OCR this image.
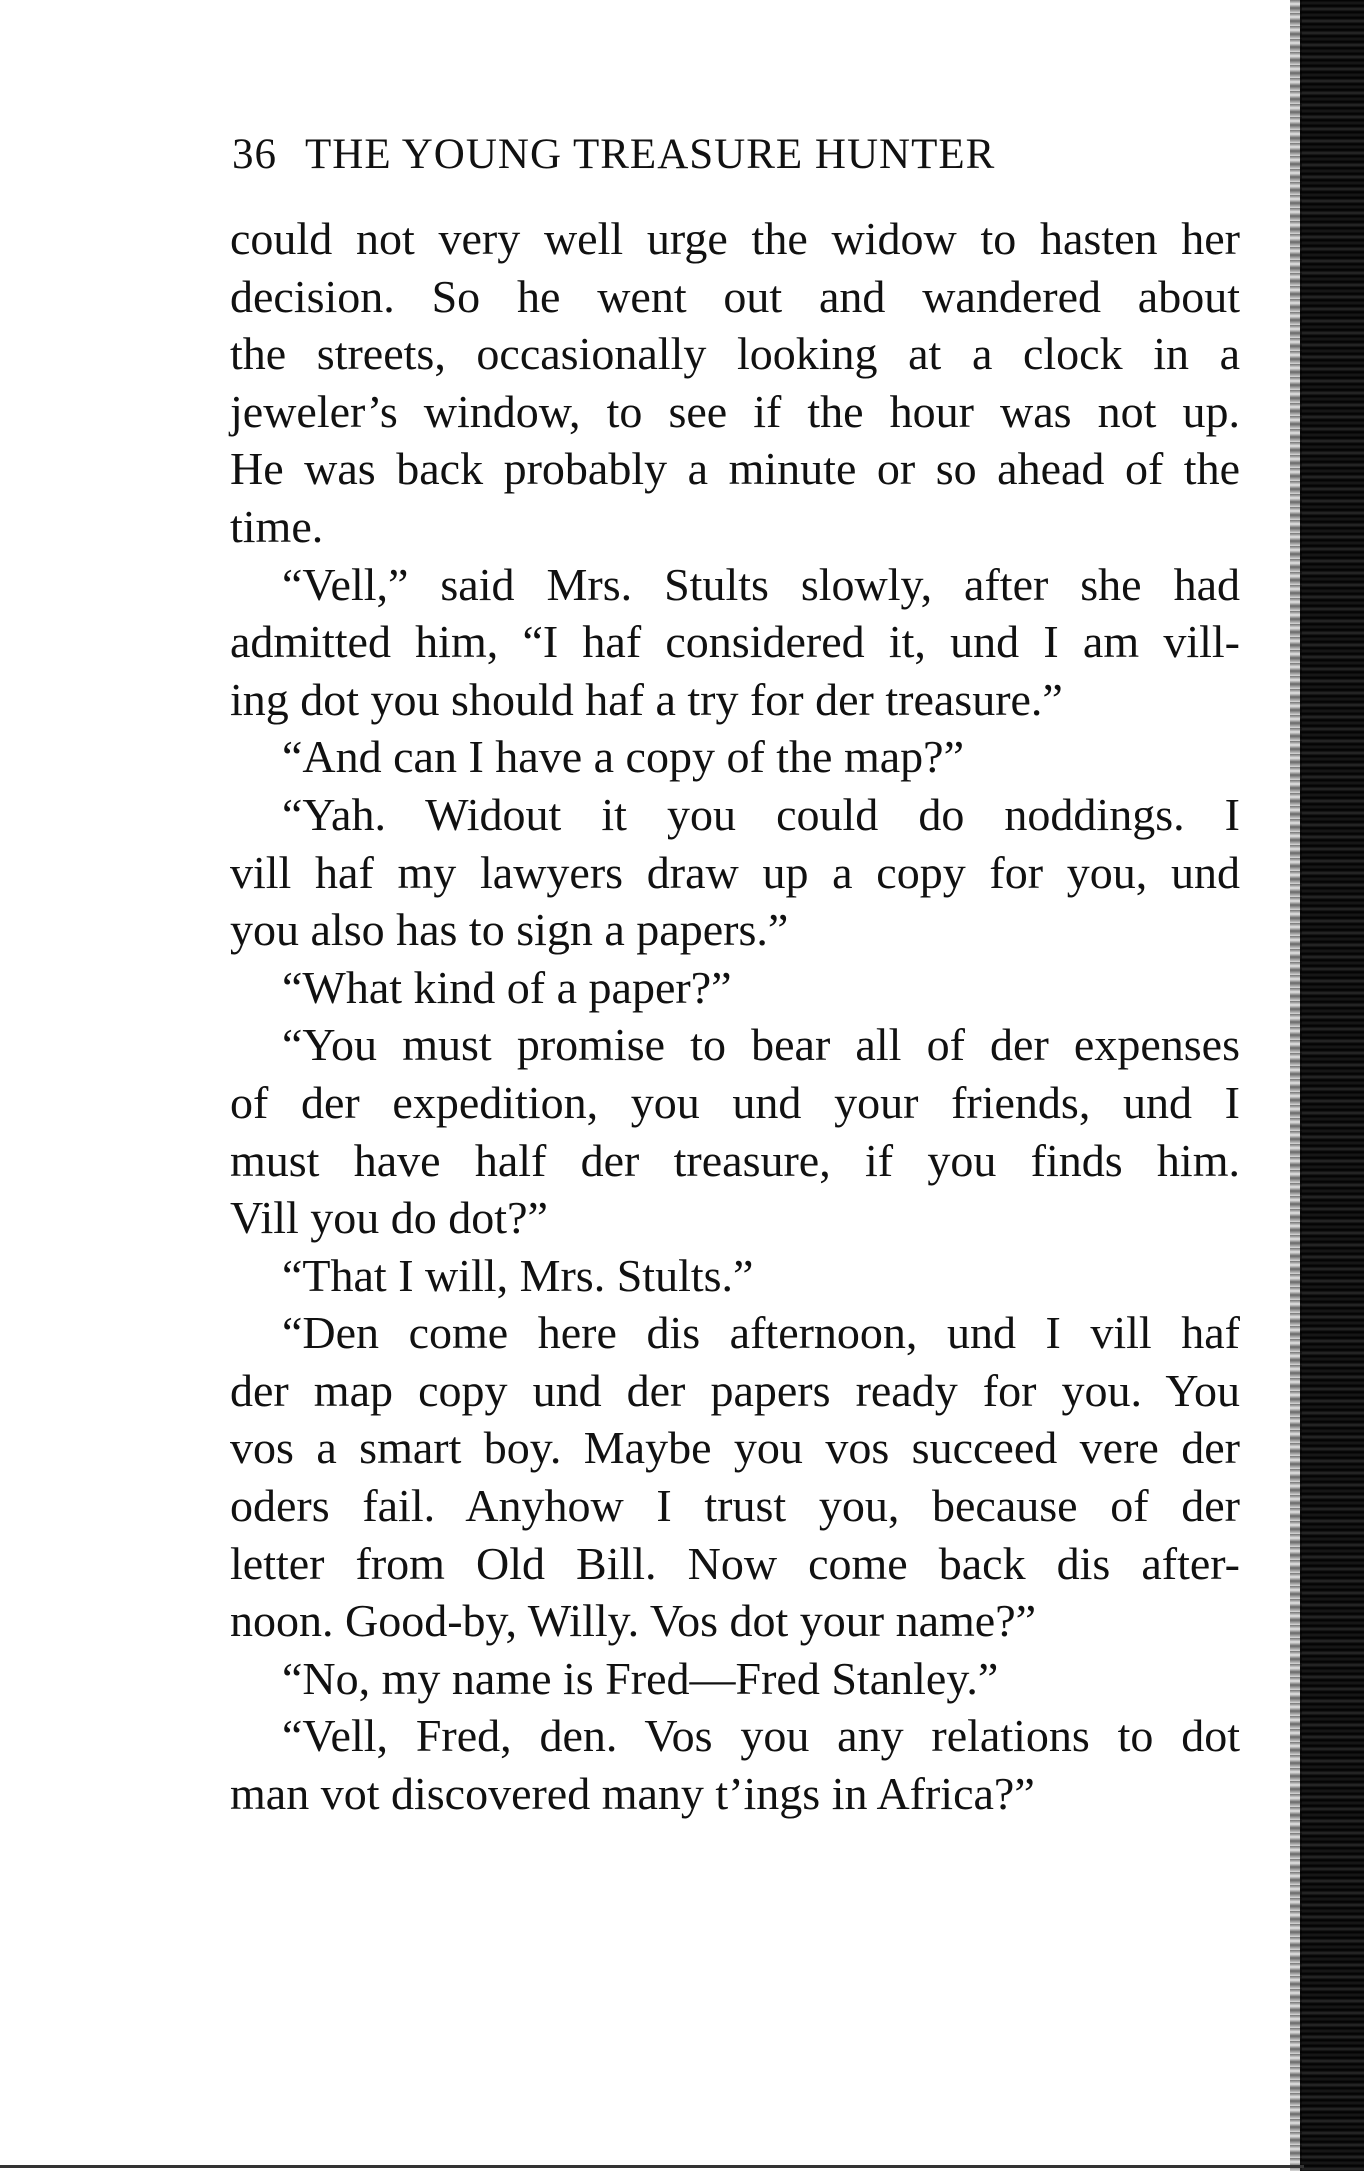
36 THE YOUNG TREASURE HUNTER
could not very well urge the widow to hasten her
decision. So he went out and wandered about
the streets, occasionally looking at a clock in a
jeweler’s window, to see if the hour was not up.
He was back probably a minute or so ahead of the
time.
“Vell,” said Mrs. Stults slowly, after she had
admitted him, “I haf considered it, und I am vill-
ing dot you should haf a try for der treasure.”
“And can I have a copy of the map?”
“Yah. Widout it you could do noddings. I
vill haf my lawyers draw up a copy for you, und
you also has to sign a papers.”
“What kind of a paper?”
“You must promise to bear all of der expenses
of der expedition, you und your friends, und I
must have half der treasure, if you finds him.
Vill you do dot?”
“That I will, Mrs. Stults.”
“Den come here dis afternoon, und I vill haf
der map copy und der papers ready for you. You
vos a smart boy. Maybe you vos succeed vere der
oders fail. Anyhow I trust you, because of der
letter from Old Bill. Now come back dis after-
noon. Good-by, Willy. Vos dot your name?”
“No, my name is Fred—Fred Stanley.”
“Vell, Fred, den. Vos you any relations to dot
man vot discovered many t’ings in Africa?”
